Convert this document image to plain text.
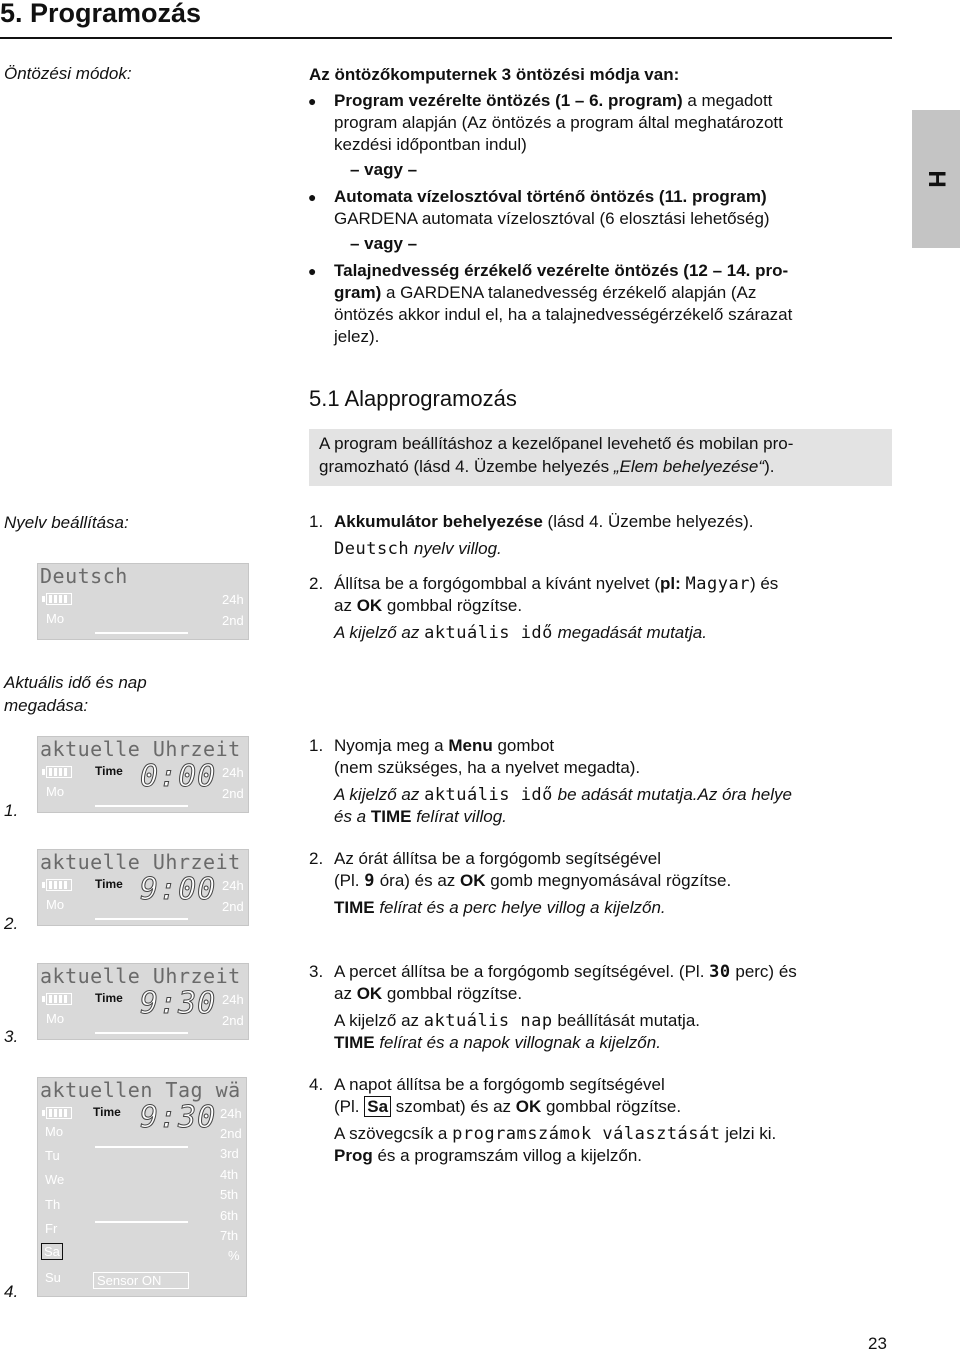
5. Programozás
H
Öntözési módok:	Az öntözőkomputernek 3 öntözési módja van:
● Program vezérelte öntözés (1 – 6. program) a megadott
program alapján (Az öntözés a program által meghatározott
kezdési időpontban indul)
– vagy –
● Automata vízelosztóval történő öntözés (11. program)
GARDENA automata vízelosztóval (6 elosztási lehetőség)
– vagy –
● Talajnedvesség érzékelő vezérelte öntözés (12 – 14. pro-
gram) a GARDENA talanedvesség érzékelő alapján (Az
öntözés akkor indul el, ha a talajnedvességérzékelő szárazat
jelez).
5.1 Alapprogramozás

A program beállításhoz a kezelőpanel levehető és mobilan pro-
gramozható (lásd 4. Üzembe helyezés „Elem behelyezése“).

Nyelv beállítása:
Deutsch
Mo
24h
2nd
1. Akkumulátor behelyezése (lásd 4. Üzembe helyezés).
Deutsch nyelv villog.
2. Állítsa be a forgógombbal a kívánt nyelvet (pl: Magyar) és
az OK gombbal rögzítse.
A kijelző az aktuális idő megadását mutatja.
Aktuális idő és nap
megadása:
1.
aktuelle Uhrzeit
Time 0:00
Mo
24h
2nd
2.
aktuelle Uhrzeit
Time 9:00
Mo
24h
2nd
3.
aktuelle Uhrzeit
Time 9:30
Mo
24h
2nd
4.
aktuellen Tag wä
Time 9:30
Mo
Tu
We
Th
Fr
Sa
Su
24h
2nd
3rd
4th
5th
6th
7th
%
Sensor ON
1. Nyomja meg a Menu gombot
(nem szükséges, ha a nyelvet megadta).
A kijelző az aktuális idő be adását mutatja.Az óra helye
és a TIME felírat villog.
2. Az órát állítsa be a forgógomb segítségével
(Pl. 9 óra) és az OK gomb megnyomásával rögzítse.
TIME felírat és a perc helye villog a kijelzőn.
3. A percet állítsa be a forgógomb segítségével. (Pl. 30 perc) és
az OK gombbal rögzítse.
A kijelző az aktuális nap beállítását mutatja.
TIME felírat és a napok villognak a kijelzőn.
4. A napot állítsa be a forgógomb segítségével
(Pl. Sa szombat) és az OK gombbal rögzítse.
A szövegcsík a programszámok választását jelzi ki.
Prog és a programszám villog a kijelzőn.
23
